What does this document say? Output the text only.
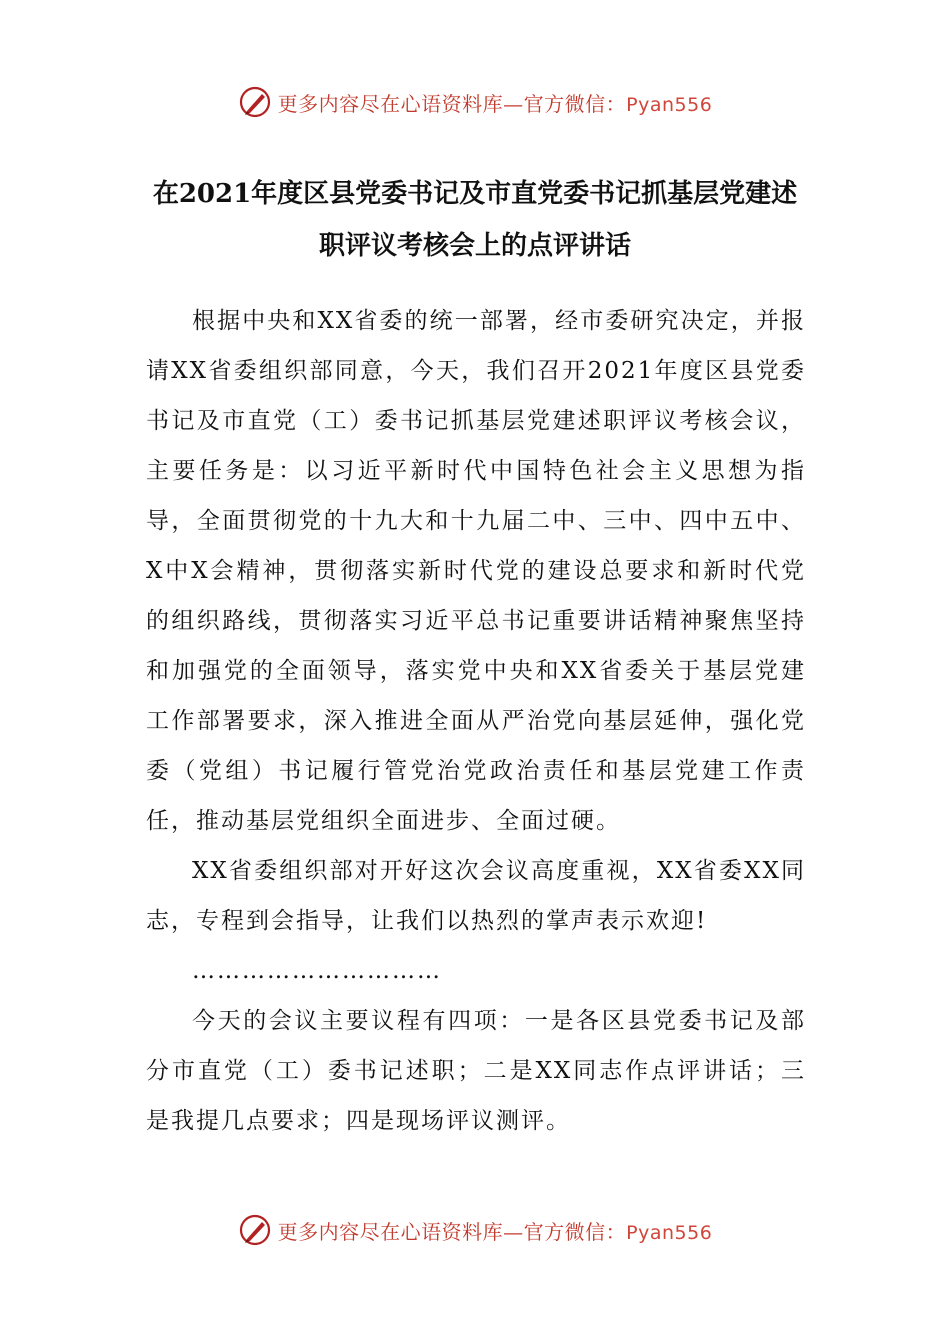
更多内容尽在心语资料库—官方微信：Pyan556
在2021年度区县党委书记及市直党委书记抓基层党建述职评议考核会上的点评讲话

根据中央和XX省委的统一部署，经市委研究决定，并报请XX省委组织部同意，今天，我们召开2021年度区县党委书记及市直党（工）委书记抓基层党建述职评议考核会议，主要任务是：以习近平新时代中国特色社会主义思想为指导，全面贯彻党的十九大和十九届二中、三中、四中五中、X中X会精神，贯彻落实新时代党的建设总要求和新时代党的组织路线，贯彻落实习近平总书记重要讲话精神聚焦坚持和加强党的全面领导，落实党中央和XX省委关于基层党建工作部署要求，深入推进全面从严治党向基层延伸，强化党委（党组）书记履行管党治党政治责任和基层党建工作责任，推动基层党组织全面进步、全面过硬。

XX省委组织部对开好这次会议高度重视，XX省委XX同志，专程到会指导，让我们以热烈的掌声表示欢迎!

…………………………

今天的会议主要议程有四项：一是各区县党委书记及部分市直党（工）委书记述职；二是XX同志作点评讲话；三是我提几点要求；四是现场评议测评。

更多内容尽在心语资料库—官方微信：Pyan556
